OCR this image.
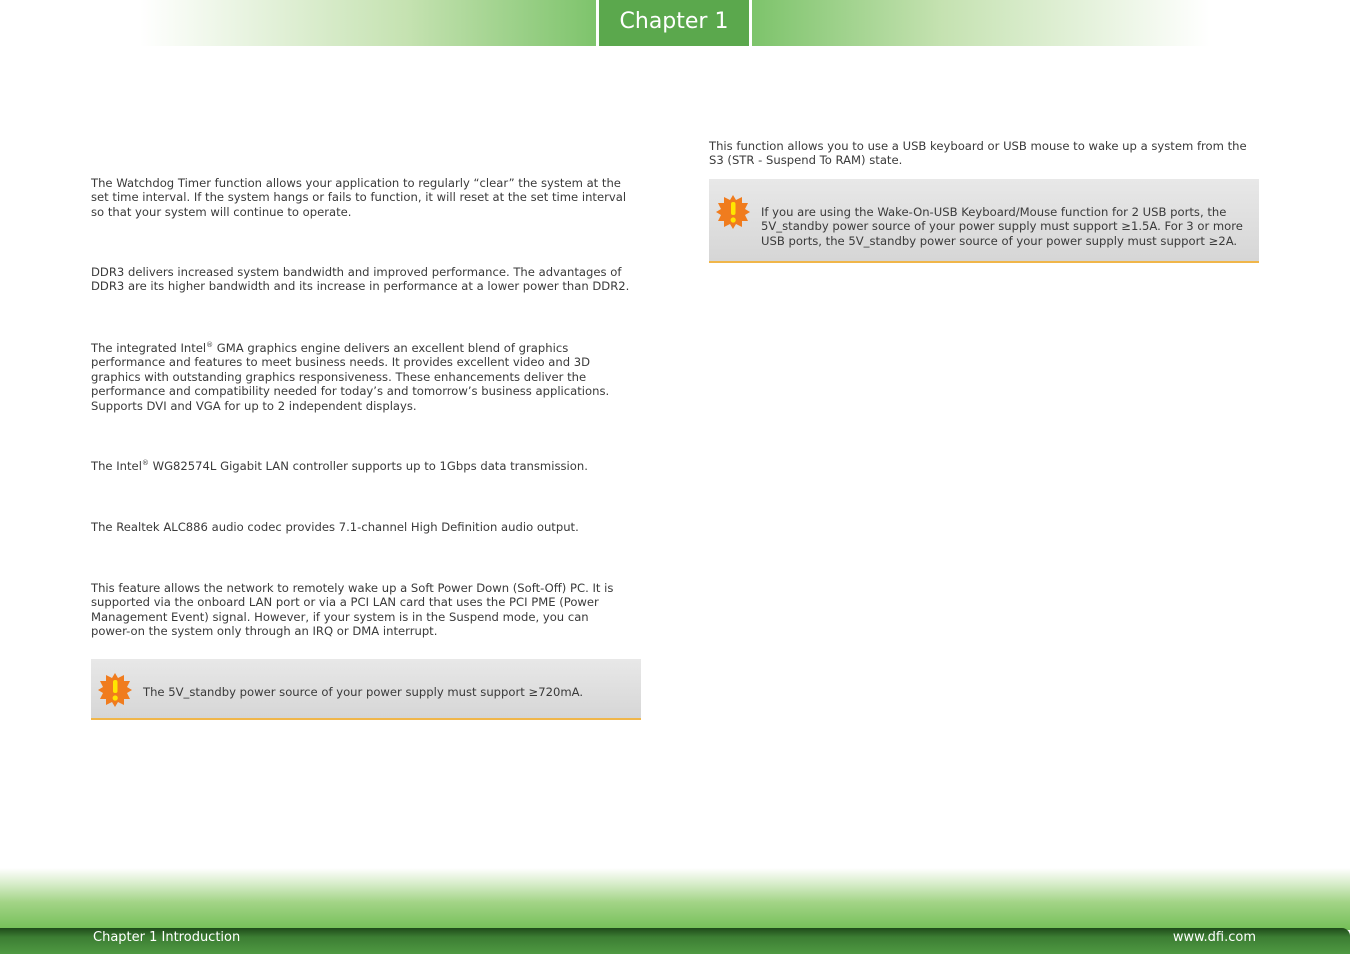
Chapter 1

The Watchdog Timer function allows your application to regularly “clear” the system at the set time interval. If the system hangs or fails to function, it will reset at the set time interval so that your system will continue to operate.

DDR3 delivers increased system bandwidth and improved performance. The advantages of DDR3 are its higher bandwidth and its increase in performance at a lower power than DDR2.

The integrated Intel® GMA graphics engine delivers an excellent blend of graphics performance and features to meet business needs. It provides excellent video and 3D graphics with outstanding graphics responsiveness. These enhancements deliver the performance and compatibility needed for today’s and tomorrow’s business applications. Supports DVI and VGA for up to 2 independent displays.

The Intel® WG82574L Gigabit LAN controller supports up to 1Gbps data transmission.

The Realtek ALC886 audio codec provides 7.1-channel High Definition audio output.

This feature allows the network to remotely wake up a Soft Power Down (Soft-Off) PC. It is supported via the onboard LAN port or via a PCI LAN card that uses the PCI PME (Power Management Event) signal. However, if your system is in the Suspend mode, you can power-on the system only through an IRQ or DMA interrupt.

The 5V_standby power source of your power supply must support ≥720mA.

This function allows you to use a USB keyboard or USB mouse to wake up a system from the S3 (STR - Suspend To RAM) state.

If you are using the Wake-On-USB Keyboard/Mouse function for 2 USB ports, the 5V_standby power source of your power supply must support ≥1.5A. For 3 or more USB ports, the 5V_standby power source of your power supply must support ≥2A.

Chapter 1 Introduction	www.dfi.com
